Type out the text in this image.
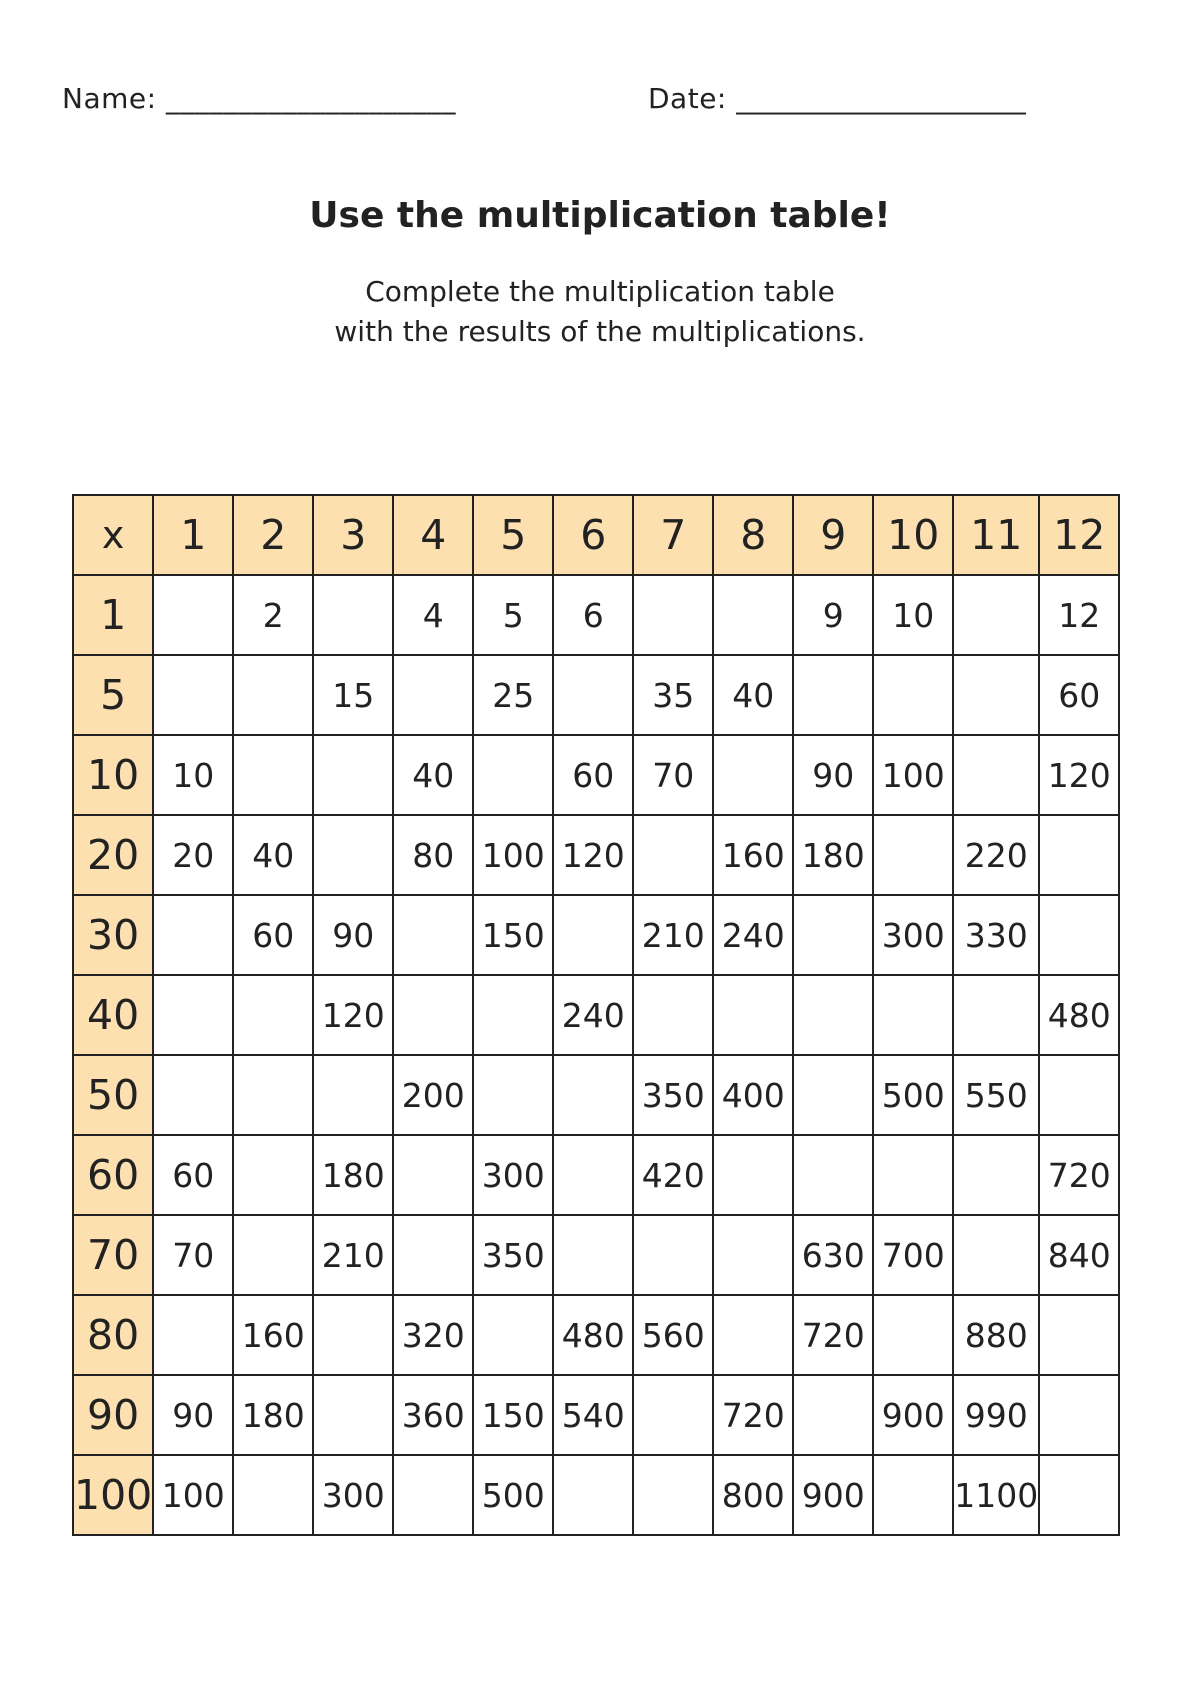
Name: ____________________	Date: ____________________
Use the multiplication table!
Complete the multiplication table
with the results of the multiplications.
x	1	2	3	4	5	6	7	8	9	10	11	12
1		2		4	5	6			9	10		12
5			15		25		35	40				60
10	10			40		60	70		90	100		120
20	20	40		80	100	120		160	180		220	
30		60	90		150		210	240		300	330	
40			120			240						480
50				200			350	400		500	550	
60	60		180		300		420					720
70	70		210		350				630	700		840
80		160		320		480	560		720		880	
90	90	180		360	150	540		720		900	990	
100	100		300		500			800	900		1100	
